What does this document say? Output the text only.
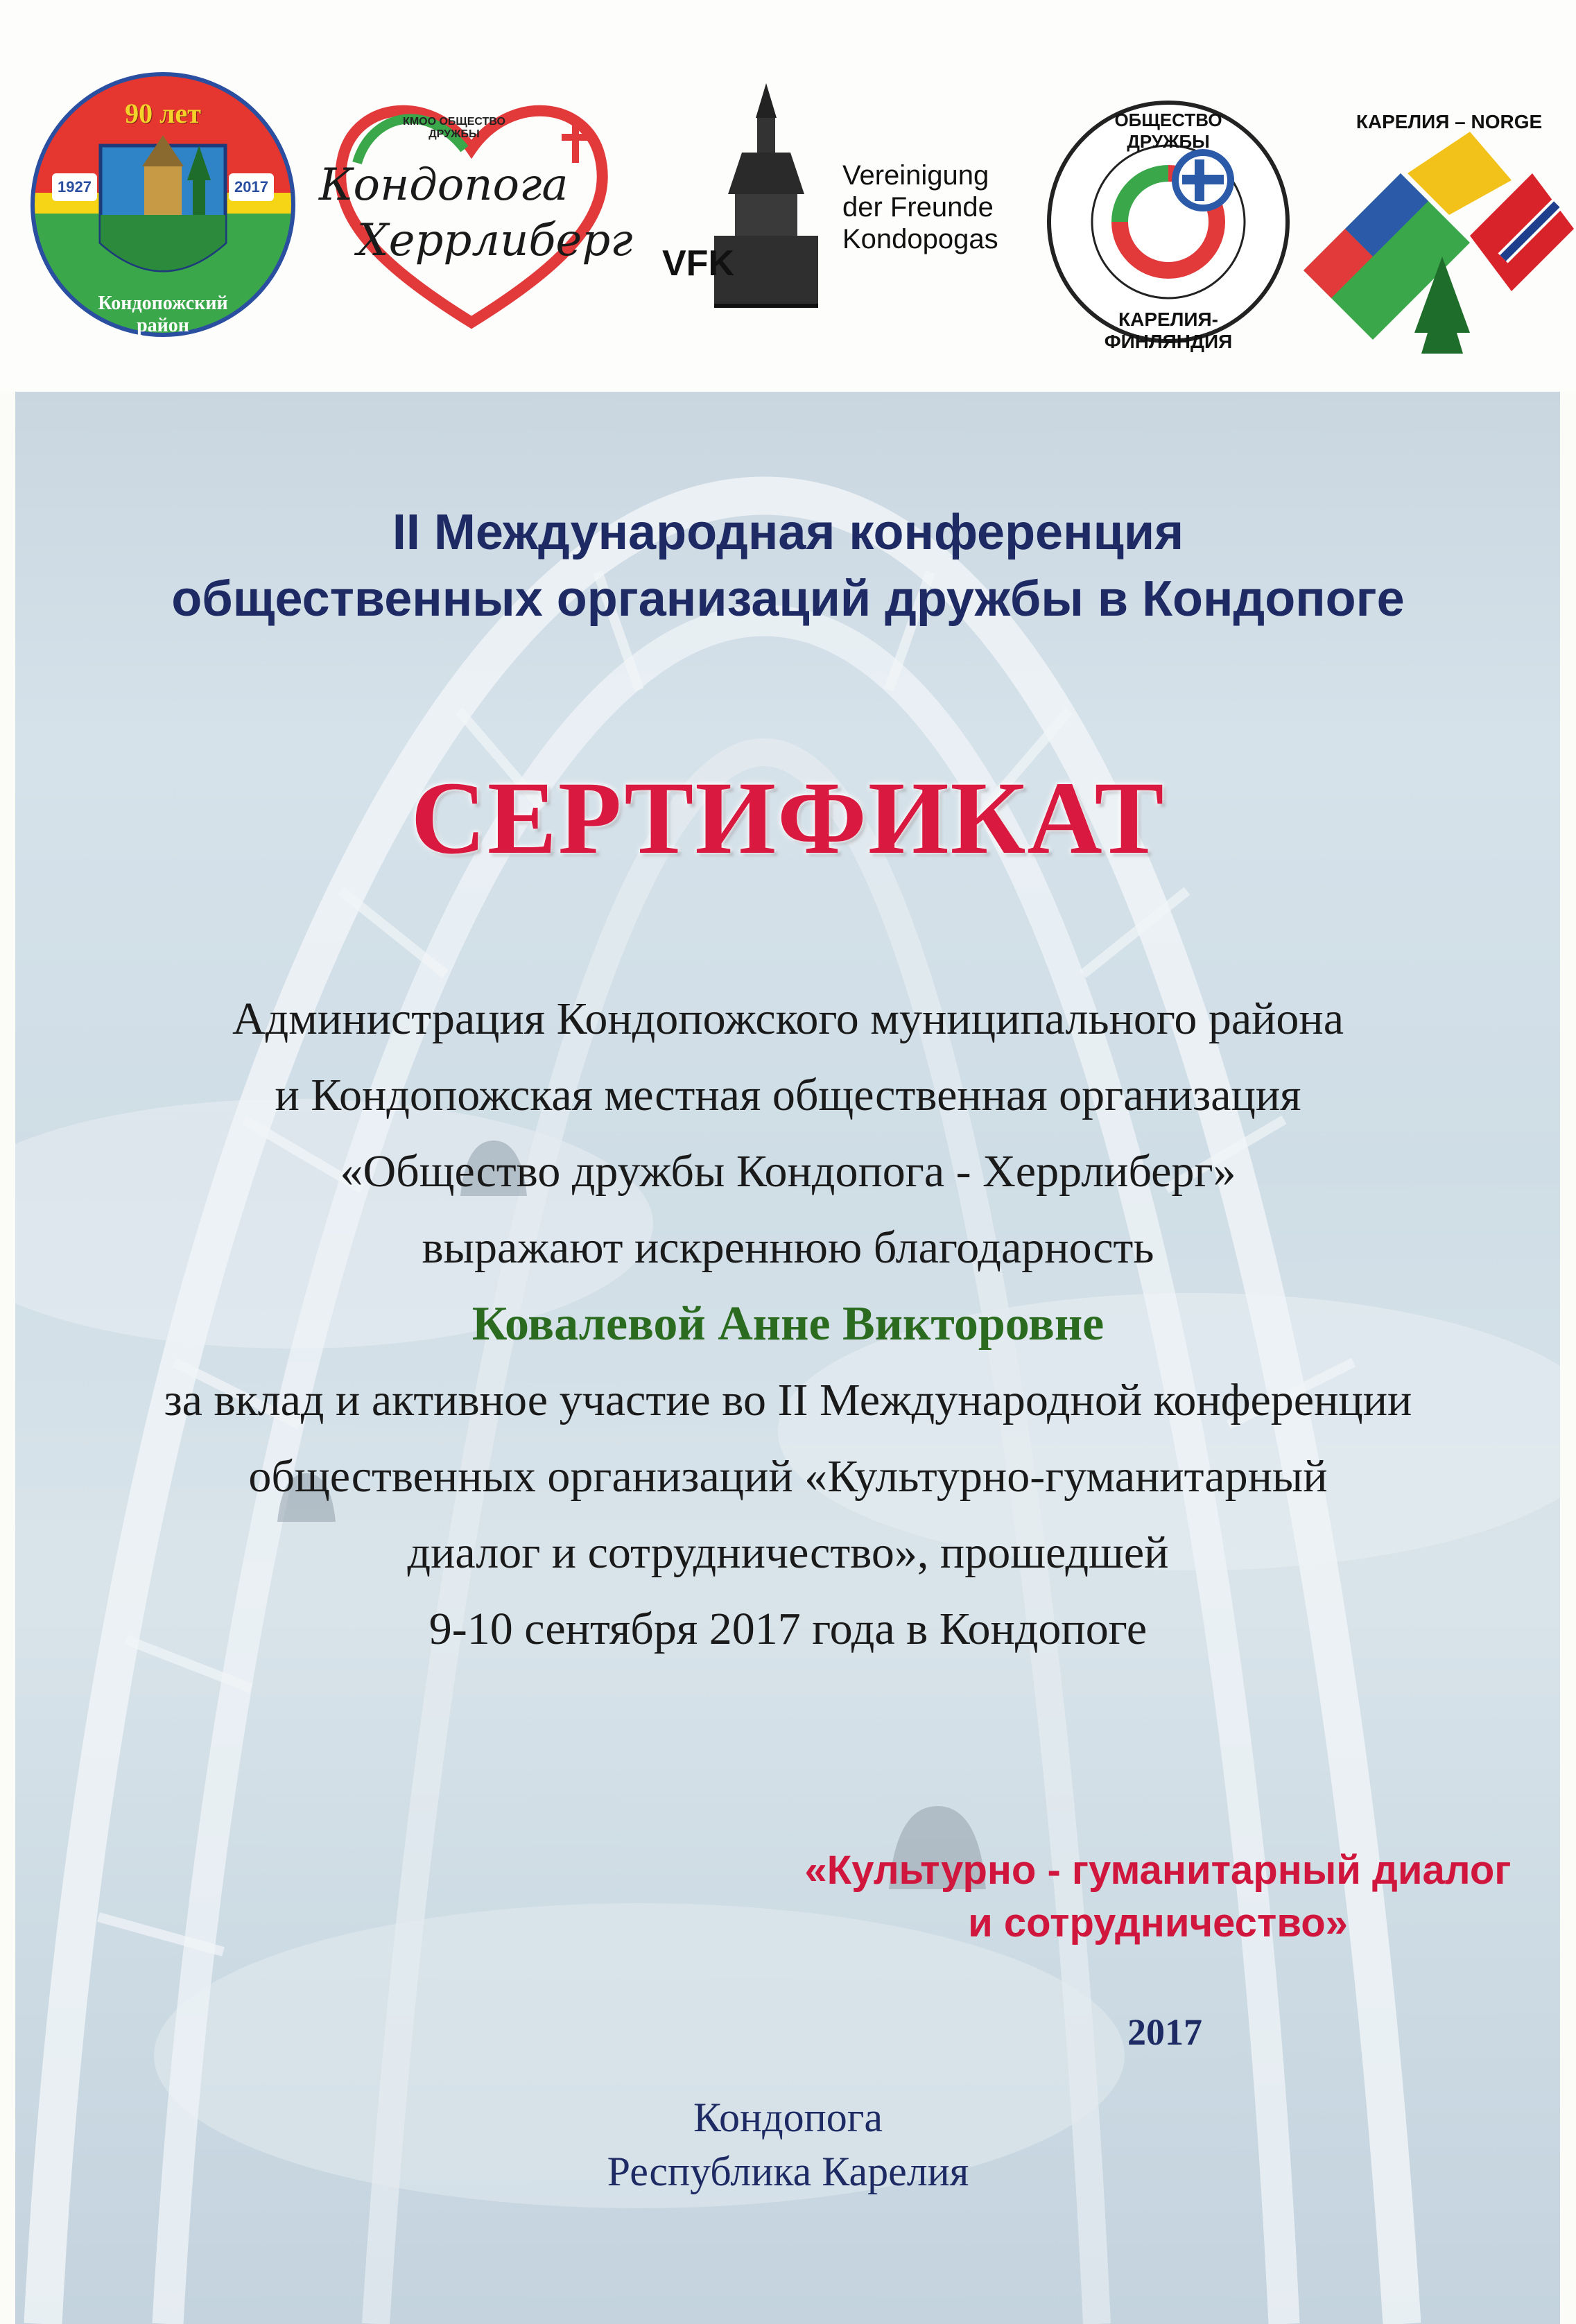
90 лет
1927	2017
Кондопожский район
КМОО ОБЩЕСТВО ДРУЖБЫ
Кондопога
Херрлиберг VFK
Vereinigung
der Freunde
Kondopogas
ОБЩЕСТВО ДРУЖБЫ
КАРЕЛИЯ-ФИНЛЯНДИЯ
КАРЕЛИЯ – NORGE
II Международная конференция
общественных организаций дружбы в Кондопоге
СЕРТИФИКАТ
Администрация Кондопожского муниципального района
и Кондопожская местная общественная организация
«Общество дружбы Кондопога - Херрлиберг»
выражают искреннюю благодарность
Ковалевой Анне Викторовне
за вклад и активное участие во II Международной конференции
общественных организаций «Культурно-гуманитарный
диалог и сотрудничество», прошедшей
9-10 сентября 2017 года в Кондопоге
«Культурно - гуманитарный диалог
и сотрудничество»
2017
Кондопога
Республика Карелия
